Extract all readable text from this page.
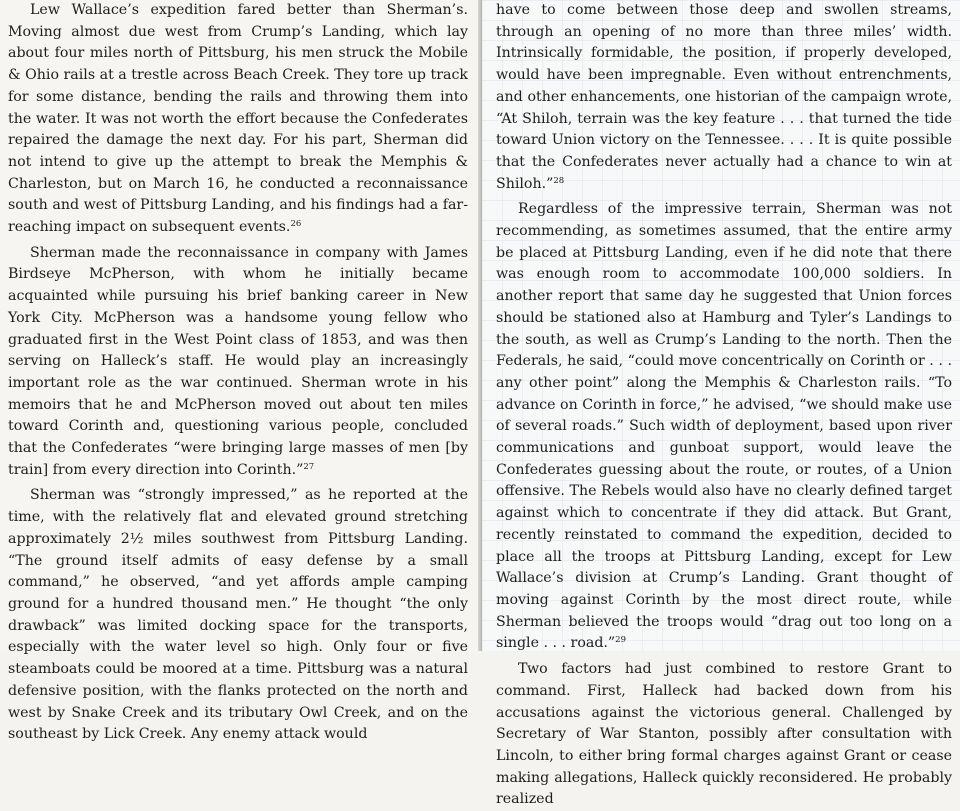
Lew Wallace’s expedition fared better than Sherman’s. Moving almost due west from Crump’s Landing, which lay about four miles north of Pittsburg, his men struck the Mobile & Ohio rails at a trestle across Beach Creek. They tore up track for some distance, bending the rails and throwing them into the water. It was not worth the effort because the Confederates repaired the damage the next day. For his part, Sherman did not intend to give up the attempt to break the Memphis & Charleston, but on March 16, he conducted a reconnaissance south and west of Pittsburg Landing, and his findings had a far-reaching impact on subsequent events.$^{26}$

Sherman made the reconnaissance in company with James Birdseye McPherson, with whom he initially became acquainted while pursuing his brief banking career in New York City. McPherson was a handsome young fellow who graduated first in the West Point class of 1853, and was then serving on Halleck’s staff. He would play an increasingly important role as the war continued. Sherman wrote in his memoirs that he and McPherson moved out about ten miles toward Corinth and, questioning various people, concluded that the Confederates “were bringing large masses of men [by train] from every direction into Corinth.”$^{27}$

Sherman was “strongly impressed,” as he reported at the time, with the relatively flat and elevated ground stretching approximately 2½ miles southwest from Pittsburg Landing. “The ground itself admits of easy defense by a small command,” he observed, “and yet affords ample camping ground for a hundred thousand men.” He thought “the only drawback” was limited docking space for the transports, especially with the water level so high. Only four or five steamboats could be moored at a time. Pittsburg was a natural defensive position, with the flanks protected on the north and west by Snake Creek and its tributary Owl Creek, and on the southeast by Lick Creek. Any enemy attack would

have to come between those deep and swollen streams, through an opening of no more than three miles’ width. Intrinsically formidable, the position, if properly developed, would have been impregnable. Even without entrenchments, and other enhancements, one historian of the campaign wrote, “At Shiloh, terrain was the key feature . . . that turned the tide toward Union victory on the Tennessee. . . . It is quite possible that the Confederates never actually had a chance to win at Shiloh.”$^{28}$

Regardless of the impressive terrain, Sherman was not recommending, as sometimes assumed, that the entire army be placed at Pittsburg Landing, even if he did note that there was enough room to accommodate 100,000 soldiers. In another report that same day he suggested that Union forces should be stationed also at Hamburg and Tyler’s Landings to the south, as well as Crump’s Landing to the north. Then the Federals, he said, “could move concentrically on Corinth or . . . any other point” along the Memphis & Charleston rails. “To advance on Corinth in force,” he advised, “we should make use of several roads.” Such width of deployment, based upon river communications and gunboat support, would leave the Confederates guessing about the route, or routes, of a Union offensive. The Rebels would also have no clearly defined target against which to concentrate if they did attack. But Grant, recently reinstated to command the expedition, decided to place all the troops at Pittsburg Landing, except for Lew Wallace’s division at Crump’s Landing. Grant thought of moving against Corinth by the most direct route, while Sherman believed the troops would “drag out too long on a single . . . road.”$^{29}$

Two factors had just combined to restore Grant to command. First, Halleck had backed down from his accusations against the victorious general. Challenged by Secretary of War Stanton, possibly after consultation with Lincoln, to either bring formal charges against Grant or cease making allegations, Halleck quickly reconsidered. He probably realized
